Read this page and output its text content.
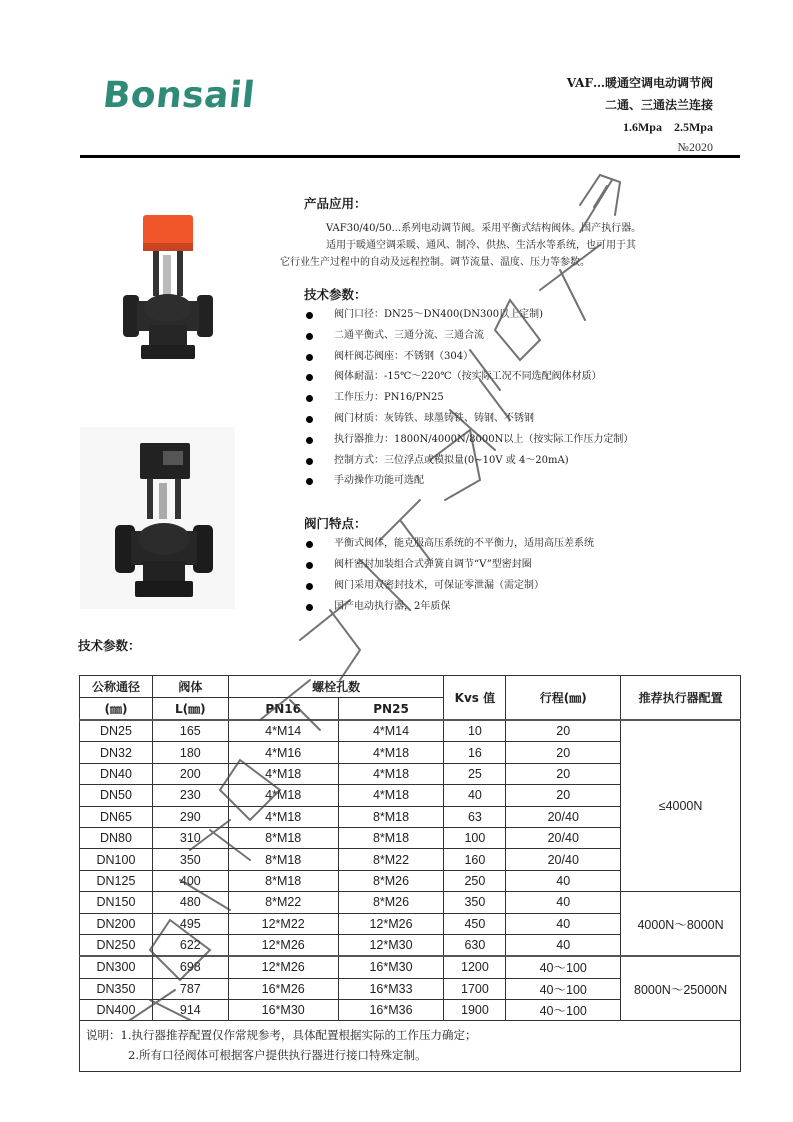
Bonsail	VAF…暖通空调电动调节阀
二通、三通法兰连接
1.6Mpa　2.5Mpa
№2020
产品应用：
VAF30/40/50...系列电动调节阀。采用平衡式结构阀体。国产执行器。
适用于暖通空调采暖、通风、制冷、供热、生活水等系统，也可用于其
它行业生产过程中的自动及远程控制。调节流量、温度、压力等参数。
技术参数：
阀门口径：DN25～DN400(DN300以上定制)
二通平衡式、三通分流、三通合流
阀杆阀芯阀座：不锈钢（304）
阀体耐温：-15℃～220℃（按实际工况不同选配阀体材质）
工作压力：PN16/PN25
阀门材质：灰铸铁、球墨铸铁、铸钢、不锈钢
执行器推力：1800N/4000N/8000N以上（按实际工作压力定制）
控制方式：三位浮点或模拟量(0~10V 或 4～20mA)
手动操作功能可选配
阀门特点：
平衡式阀体，能克服高压系统的不平衡力，适用高压差系统
阀杆密封加装组合式弹簧自调节“V”型密封圈
阀门采用双密封技术，可保证零泄漏（需定制）
国产电动执行器，2年质保
技术参数：
公称通径	阀体	螺栓孔数		Kvs 值	行程(㎜)	推荐执行器配置
(㎜)	L(㎜)	PN16	PN25			
DN25	165	4*M14	4*M14	10	20	≤4000N
DN32	180	4*M16	4*M18	16	20	
DN40	200	4*M18	4*M18	25	20	
DN50	230	4*M18	4*M18	40	20	
DN65	290	4*M18	8*M18	63	20/40	
DN80	310	8*M18	8*M18	100	20/40	
DN100	350	8*M18	8*M22	160	20/40	
DN125	400	8*M18	8*M26	250	40	
DN150	480	8*M22	8*M26	350	40	4000N～8000N
DN200	495	12*M22	12*M26	450	40	
DN250	622	12*M26	12*M30	630	40	
DN300	698	12*M26	16*M30	1200	40～100	8000N～25000N
DN350	787	16*M26	16*M33	1700	40～100	
DN400	914	16*M30	16*M36	1900	40～100	
说明：1.执行器推荐配置仅作常规参考，具体配置根据实际的工作压力确定；
2.所有口径阀体可根据客户提供执行器进行接口特殊定制。						
